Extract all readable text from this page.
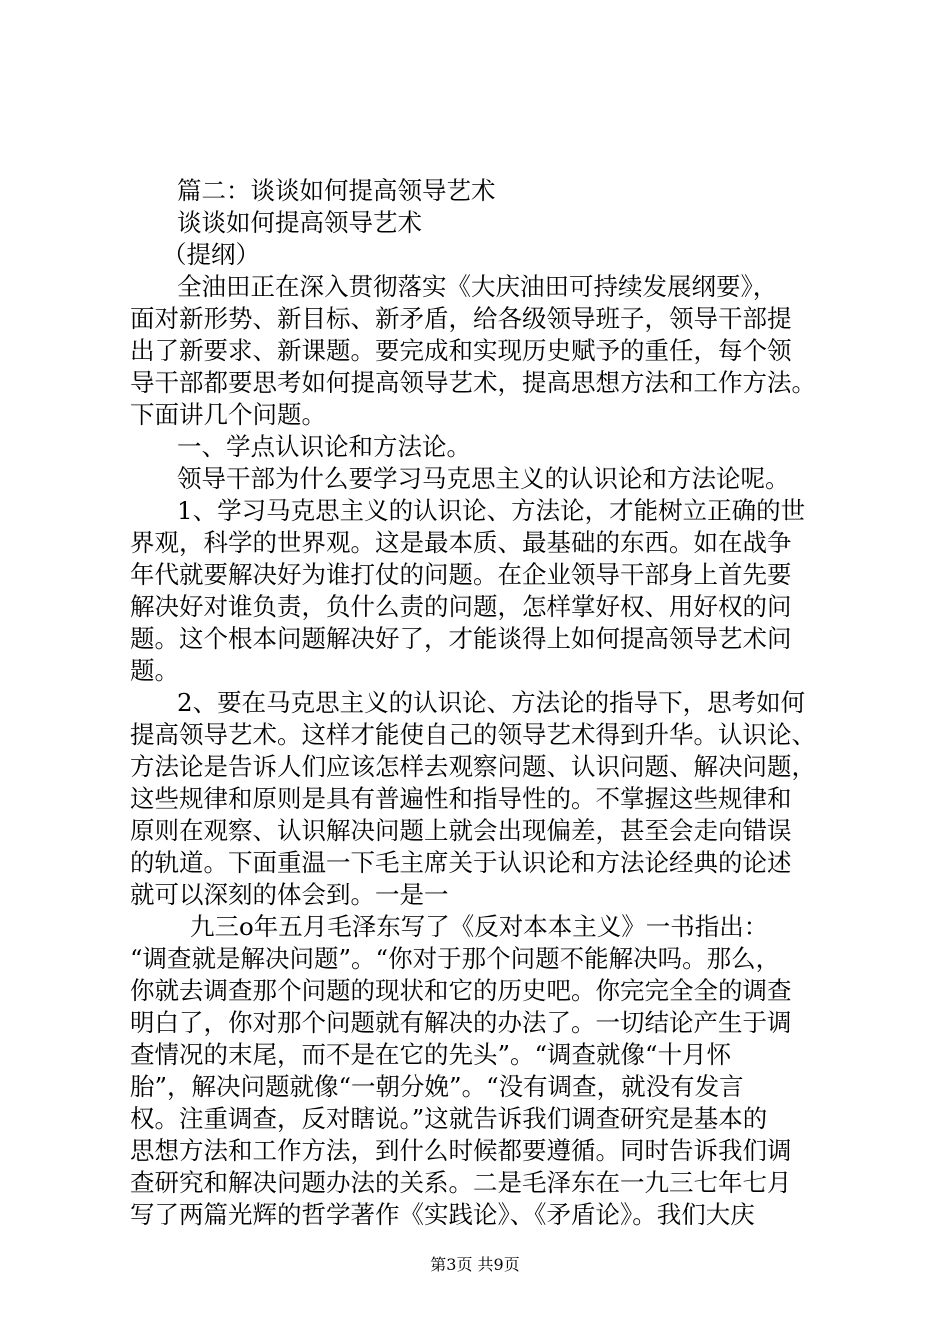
篇二：谈谈如何提高领导艺术
谈谈如何提高领导艺术
（提纲）
全油田正在深入贯彻落实《大庆油田可持续发展纲要》，
面对新形势、新目标、新矛盾，给各级领导班子，领导干部提
出了新要求、新课题。要完成和实现历史赋予的重任，每个领
导干部都要思考如何提高领导艺术，提高思想方法和工作方法。
下面讲几个问题。
一、学点认识论和方法论。
领导干部为什么要学习马克思主义的认识论和方法论呢。
1、学习马克思主义的认识论、方法论，才能树立正确的世
界观，科学的世界观。这是最本质、最基础的东西。如在战争
年代就要解决好为谁打仗的问题。在企业领导干部身上首先要
解决好对谁负责，负什么责的问题，怎样掌好权、用好权的问
题。这个根本问题解决好了，才能谈得上如何提高领导艺术问
题。
2、要在马克思主义的认识论、方法论的指导下，思考如何
提高领导艺术。这样才能使自己的领导艺术得到升华。认识论、
方法论是告诉人们应该怎样去观察问题、认识问题、解决问题，
这些规律和原则是具有普遍性和指导性的。不掌握这些规律和
原则在观察、认识解决问题上就会出现偏差，甚至会走向错误
的轨道。下面重温一下毛主席关于认识论和方法论经典的论述
就可以深刻的体会到。一是一
九三o年五月毛泽东写了《反对本本主义》一书指出：
“调查就是解决问题”。“你对于那个问题不能解决吗。那么，
你就去调查那个问题的现状和它的历史吧。你完完全全的调查
明白了，你对那个问题就有解决的办法了。一切结论产生于调
查情况的末尾，而不是在它的先头”。“调查就像“十月怀
胎”，解决问题就像“一朝分娩”。“没有调查，就没有发言
权。注重调查，反对瞎说。”这就告诉我们调查研究是基本的
思想方法和工作方法，到什么时候都要遵循。同时告诉我们调
查研究和解决问题办法的关系。二是毛泽东在一九三七年七月
写了两篇光辉的哲学著作《实践论》、《矛盾论》。我们大庆
第3页 共9页
